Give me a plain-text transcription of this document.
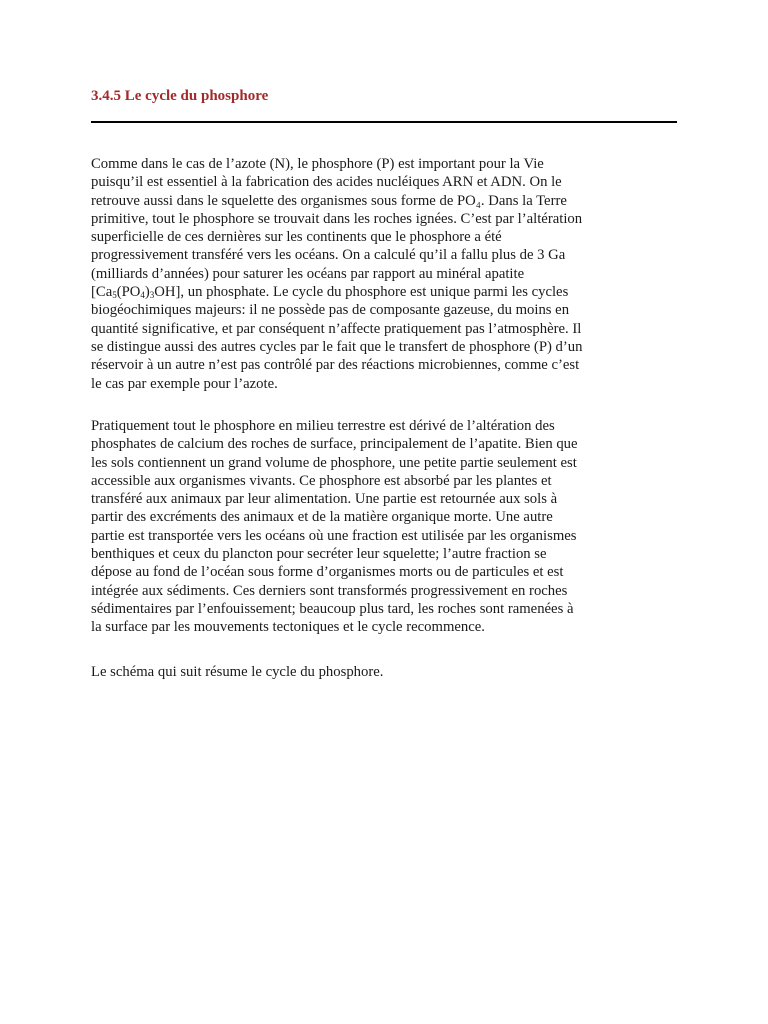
3.4.5 Le cycle du phosphore
Comme dans le cas de l’azote (N), le phosphore (P) est important pour la Vie
puisqu’il est essentiel à la fabrication des acides nucléiques ARN et ADN. On le
retrouve aussi dans le squelette des organismes sous forme de PO₄. Dans la Terre
primitive, tout le phosphore se trouvait dans les roches ignées. C’est par l’altération
superficielle de ces dernières sur les continents que le phosphore a été
progressivement transféré vers les océans. On a calculé qu’il a fallu plus de 3 Ga
(milliards d’années) pour saturer les océans par rapport au minéral apatite
$[Ca_5(PO_4)_3OH]$, un phosphate. Le cycle du phosphore est unique parmi les cycles
biogéochimiques majeurs: il ne possède pas de composante gazeuse, du moins en
quantité significative, et par conséquent n’affecte pratiquement pas l’atmosphère. Il
se distingue aussi des autres cycles par le fait que le transfert de phosphore (P) d’un
réservoir à un autre n’est pas contrôlé par des réactions microbiennes, comme c’est
le cas par exemple pour l’azote.
Pratiquement tout le phosphore en milieu terrestre est dérivé de l’altération des
phosphates de calcium des roches de surface, principalement de l’apatite. Bien que
les sols contiennent un grand volume de phosphore, une petite partie seulement est
accessible aux organismes vivants. Ce phosphore est absorbé par les plantes et
transféré aux animaux par leur alimentation. Une partie est retournée aux sols à
partir des excréments des animaux et de la matière organique morte. Une autre
partie est transportée vers les océans où une fraction est utilisée par les organismes
benthiques et ceux du plancton pour secréter leur squelette; l’autre fraction se
dépose au fond de l’océan sous forme d’organismes morts ou de particules et est
intégrée aux sédiments. Ces derniers sont transformés progressivement en roches
sédimentaires par l’enfouissement; beaucoup plus tard, les roches sont ramenées à
la surface par les mouvements tectoniques et le cycle recommence.
Le schéma qui suit résume le cycle du phosphore.
